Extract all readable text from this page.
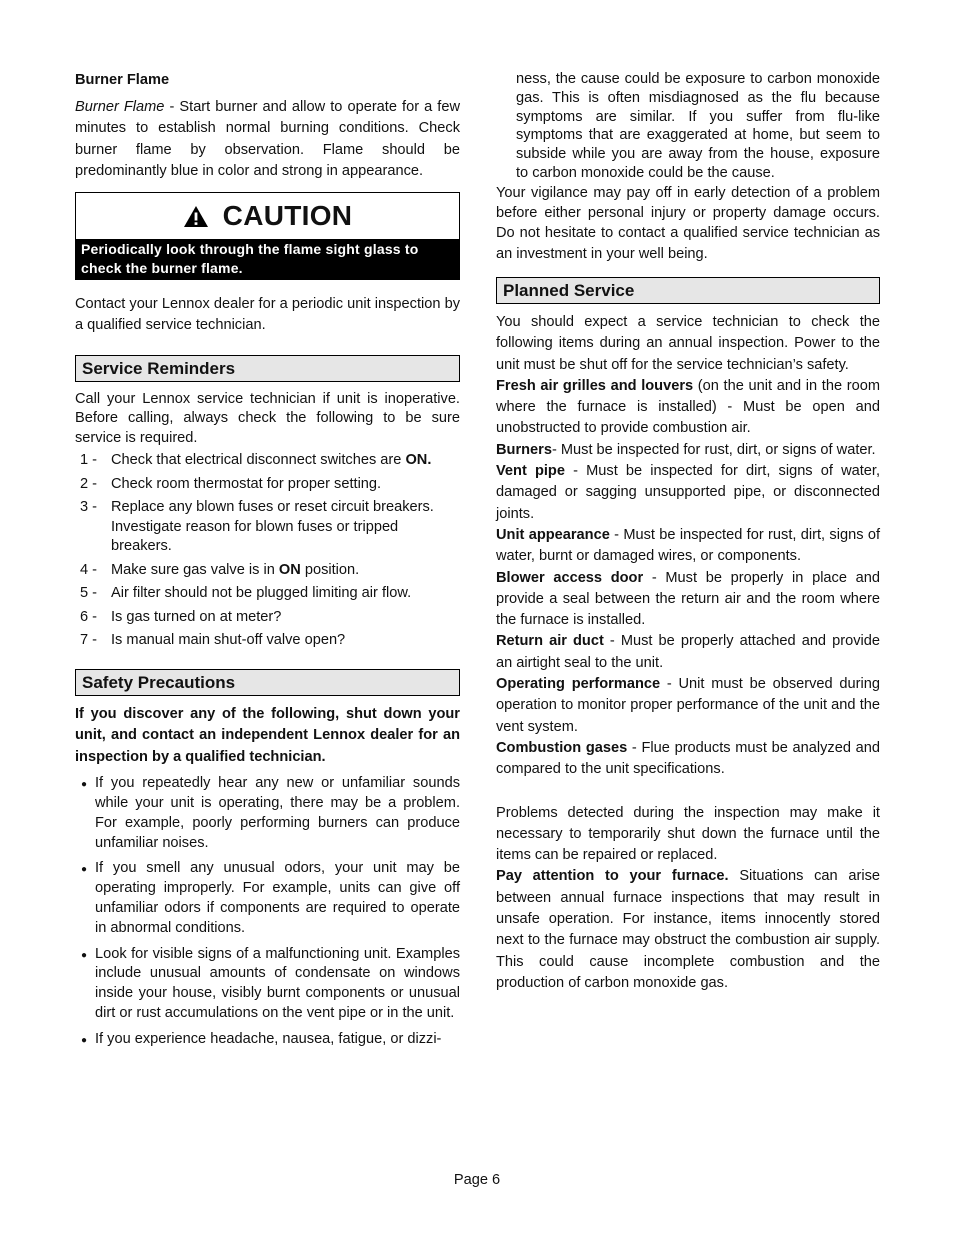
Burner Flame

Burner Flame - Start burner and allow to operate for a few minutes to establish normal burning conditions. Check burner flame by observation. Flame should be predominantly blue in color and strong in appearance.

CAUTION
Periodically look through the flame sight glass to check the burner flame.

Contact your Lennox dealer for a periodic unit inspection by a qualified service technician.

Service Reminders

Call your Lennox service technician if unit is inoperative. Before calling, always check the following to be sure service is required.

1 - Check that electrical disconnect switches are ON.
2 - Check room thermostat for proper setting.
3 - Replace any blown fuses or reset circuit breakers. Investigate reason for blown fuses or tripped breakers.
4 - Make sure gas valve is in ON position.
5 - Air filter should not be plugged limiting air flow.
6 - Is gas turned on at meter?
7 - Is manual main shut-off valve open?
Safety Precautions

If you discover any of the following, shut down your unit, and contact an independent Lennox dealer for an inspection by a qualified technician.

● If you repeatedly hear any new or unfamiliar sounds while your unit is operating, there may be a problem. For example, poorly performing burners can produce unfamiliar noises.
● If you smell any unusual odors, your unit may be operating improperly. For example, units can give off unfamiliar odors if components are required to operate in abnormal conditions.
● Look for visible signs of a malfunctioning unit. Examples include unusual amounts of condensate on windows inside your house, visibly burnt components or unusual dirt or rust accumulations on the vent pipe or in the unit.
● If you experience headache, nausea, fatigue, or dizzi-

ness, the cause could be exposure to carbon monoxide gas. This is often misdiagnosed as the flu because symptoms are similar. If you suffer from flu-like symptoms that are exaggerated at home, but seem to subside while you are away from the house, exposure to carbon monoxide could be the cause.

Your vigilance may pay off in early detection of a problem before either personal injury or property damage occurs. Do not hesitate to contact a qualified service technician as an investment in your well being.

Planned Service

You should expect a service technician to check the following items during an annual inspection. Power to the unit must be shut off for the service technician’s safety.

Fresh air grilles and louvers (on the unit and in the room where the furnace is installed) - Must be open and unobstructed to provide combustion air.

Burners- Must be inspected for rust, dirt, or signs of water.

Vent pipe - Must be inspected for dirt, signs of water, damaged or sagging unsupported pipe, or disconnected joints.

Unit appearance - Must be inspected for rust, dirt, signs of water, burnt or damaged wires, or components.

Blower access door - Must be properly in place and provide a seal between the return air and the room where the furnace is installed.

Return air duct - Must be properly attached and provide an airtight seal to the unit.

Operating performance - Unit must be observed during operation to monitor proper performance of the unit and the vent system.

Combustion gases - Flue products must be analyzed and compared to the unit specifications.

Problems detected during the inspection may make it necessary to temporarily shut down the furnace until the items can be repaired or replaced.

Pay attention to your furnace. Situations can arise between annual furnace inspections that may result in unsafe operation. For instance, items innocently stored next to the furnace may obstruct the combustion air supply. This could cause incomplete combustion and the production of carbon monoxide gas.

Page 6
